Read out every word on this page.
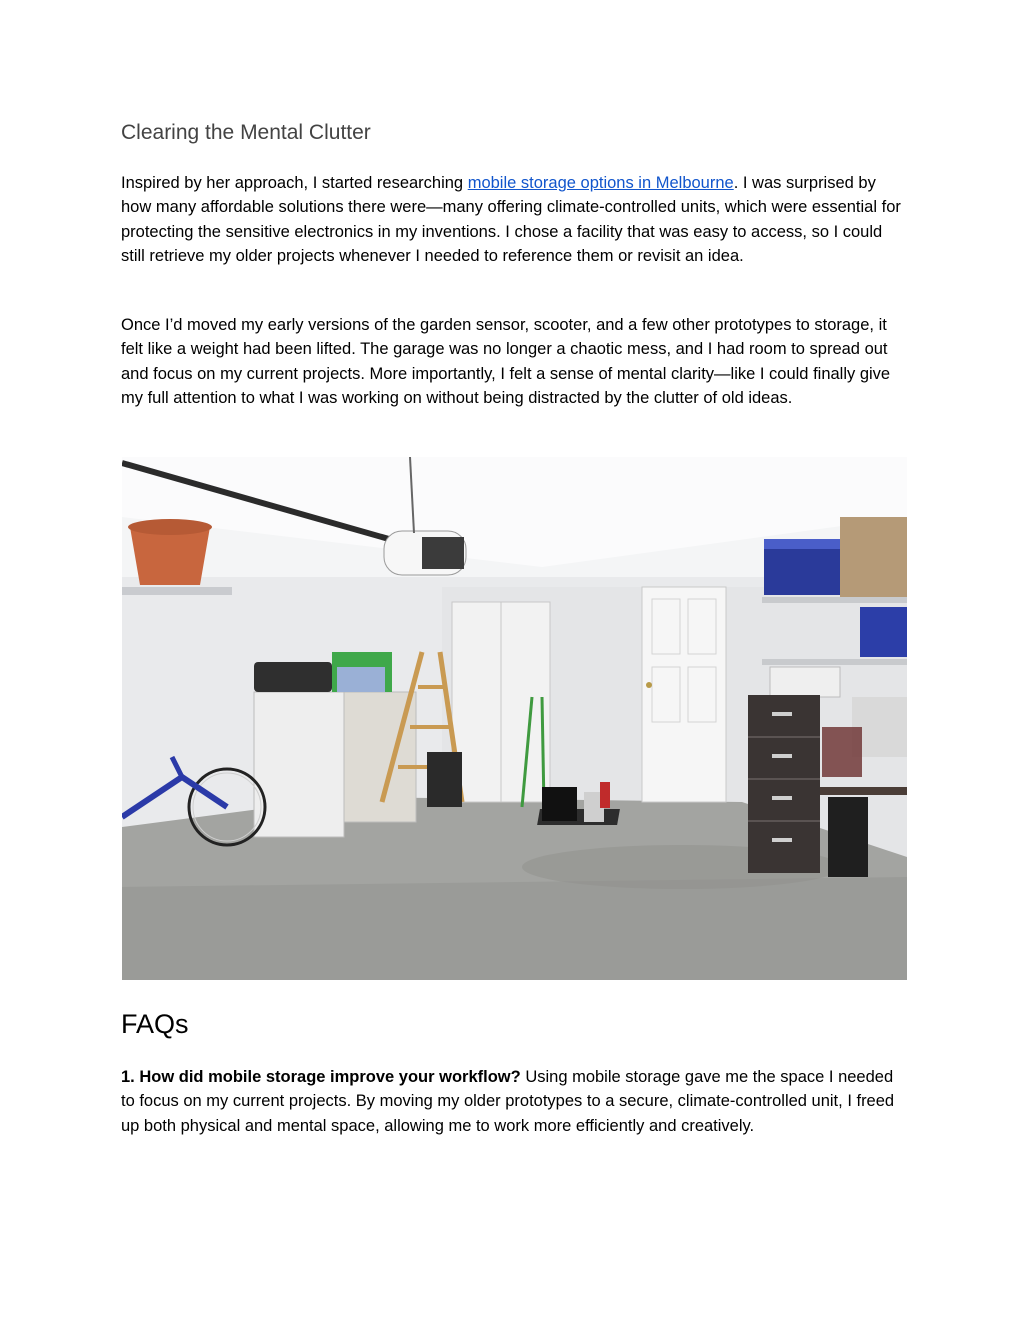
Clearing the Mental Clutter

Inspired by her approach, I started researching mobile storage options in Melbourne. I was surprised by how many affordable solutions there were—many offering climate-controlled units, which were essential for protecting the sensitive electronics in my inventions. I chose a facility that was easy to access, so I could still retrieve my older projects whenever I needed to reference them or revisit an idea.

Once I’d moved my early versions of the garden sensor, scooter, and a few other prototypes to storage, it felt like a weight had been lifted. The garage was no longer a chaotic mess, and I had room to spread out and focus on my current projects. More importantly, I felt a sense of mental clarity—like I could finally give my full attention to what I was working on without being distracted by the clutter of old ideas.

FAQs

1. How did mobile storage improve your workflow? Using mobile storage gave me the space I needed to focus on my current projects. By moving my older prototypes to a secure, climate-controlled unit, I freed up both physical and mental space, allowing me to work more efficiently and creatively.
